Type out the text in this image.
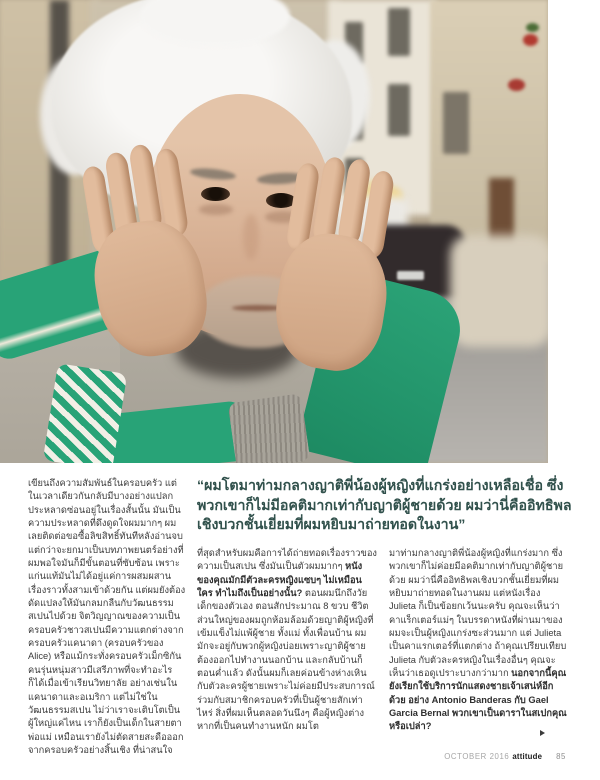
เขียนถึงความสัมพันธ์ในครอบครัว แต่ในเวลาเดียวกันกลับมีบางอย่างแปลกประหลาดซ่อนอยู่ในเรื่องสั้นนั้น มันเป็นความประหลาดที่ดึงดูดใจผมมากๆ ผมเลยติดต่อขอซื้อลิขสิทธิ์ทันทีหลังอ่านจบ แต่กว่าจะยกมาเป็นบทภาพยนตร์อย่างที่ผมพอใจมันก็มีขั้นตอนที่ซับซ้อน เพราะแก่นแท้มันไม่ได้อยู่แค่การผสมผสานเรื่องราวทั้งสามเข้าด้วยกัน แต่ผมยังต้องดัดแปลงให้มันกลมกลืนกับวัฒนธรรมสเปนไปด้วย จิตวิญญาณของความเป็นครอบครัวชาวสเปนมีความแตกต่างจากครอบครัวแคนาดา (ครอบครัวของ Alice) หรือแม้กระทั่งครอบครัวเม็กซิกัน คนรุ่นหนุ่มสาวมีเสรีภาพที่จะทำอะไรก็ได้เมื่อเข้าเรียนวิทยาลัย อย่างเช่นในแคนาดาและอเมริกา แต่ไม่ใช่ในวัฒนธรรมสเปน ไม่ว่าเราจะเติบโตเป็นผู้ใหญ่แค่ไหน เราก็ยังเป็นเด็กในสายตาพ่อแม่ เหมือนเรายังไม่ตัดสายสะดือออกจากครอบครัวอย่างสิ้นเชิง ที่น่าสนใจ
“ผมโตมาท่ามกลางญาติพี่น้องผู้หญิงที่แกร่งอย่างเหลือเชื่อ ซึ่งพวกเขาก็ไม่มีอคติมากเท่ากับญาติผู้ชายด้วย ผมว่านี่คืออิทธิพลเชิงบวกชั้นเยี่ยมที่ผมหยิบมาถ่ายทอดในงาน”
ที่สุดสำหรับผมคือการได้ถ่ายทอดเรื่องราวของความเป็นสเปน ซึ่งมันเป็นตัวผมมากๆ หนังของคุณมักมีตัวละครหญิงแซบๆ ไม่เหมือนใคร ทำไมถึงเป็นอย่างนั้น? ตอนผมนึกถึงวัยเด็กของตัวเอง ตอนสักประมาณ 8 ขวบ ชีวิตส่วนใหญ่ของผมถูกห้อมล้อมด้วยญาติผู้หญิงที่เข้มแข็งไม่แพ้ผู้ชาย ทั้งแม่ ทั้งเพื่อนบ้าน ผมมักจะอยู่กับพวกผู้หญิงบ่อยเพราะญาติผู้ชายต้องออกไปทำงานนอกบ้าน และกลับบ้านก็ตอนค่ำแล้ว ดังนั้นผมก็เลยค่อนข้างห่างเหินกับตัวละครผู้ชายเพราะไม่ค่อยมีประสบการณ์ร่วมกับสมาชิกครอบครัวที่เป็นผู้ชายสักเท่าไหร่ สิ่งที่ผมเห็นตลอดวันนึงๆ คือผู้หญิงต่างหากที่เป็นคนทำงานหนัก ผมโต
มาท่ามกลางญาติพี่น้องผู้หญิงที่แกร่งมาก ซึ่งพวกเขาก็ไม่ค่อยมีอคติมากเท่ากับญาติผู้ชายด้วย ผมว่านี่คืออิทธิพลเชิงบวกชั้นเยี่ยมที่ผมหยิบมาถ่ายทอดในงานผม แต่หนังเรื่อง Julieta ก็เป็นข้อยกเว้นนะครับ คุณจะเห็นว่าคาแร็กเตอร์แม่ๆ ในบรรดาหนังที่ผ่านมาของผมจะเป็นผู้หญิงแกร่งซะส่วนมาก แต่ Julieta เป็นคาแรกเตอร์ที่แตกต่าง ถ้าคุณเปรียบเทียบ Julieta กับตัวละครหญิงในเรื่องอื่นๆ คุณจะเห็นว่าเธอดูเปราะบางกว่ามาก นอกจากนี้คุณยังเรียกใช้บริการนักแสดงชายเจ้าเสน่ห์อีกด้วย อย่าง Antonio Banderas กับ Gael Garcia Bernal พวกเขาเป็นดาราในสเปกคุณหรือเปล่า?
OCTOBER 2016 attitude 85
